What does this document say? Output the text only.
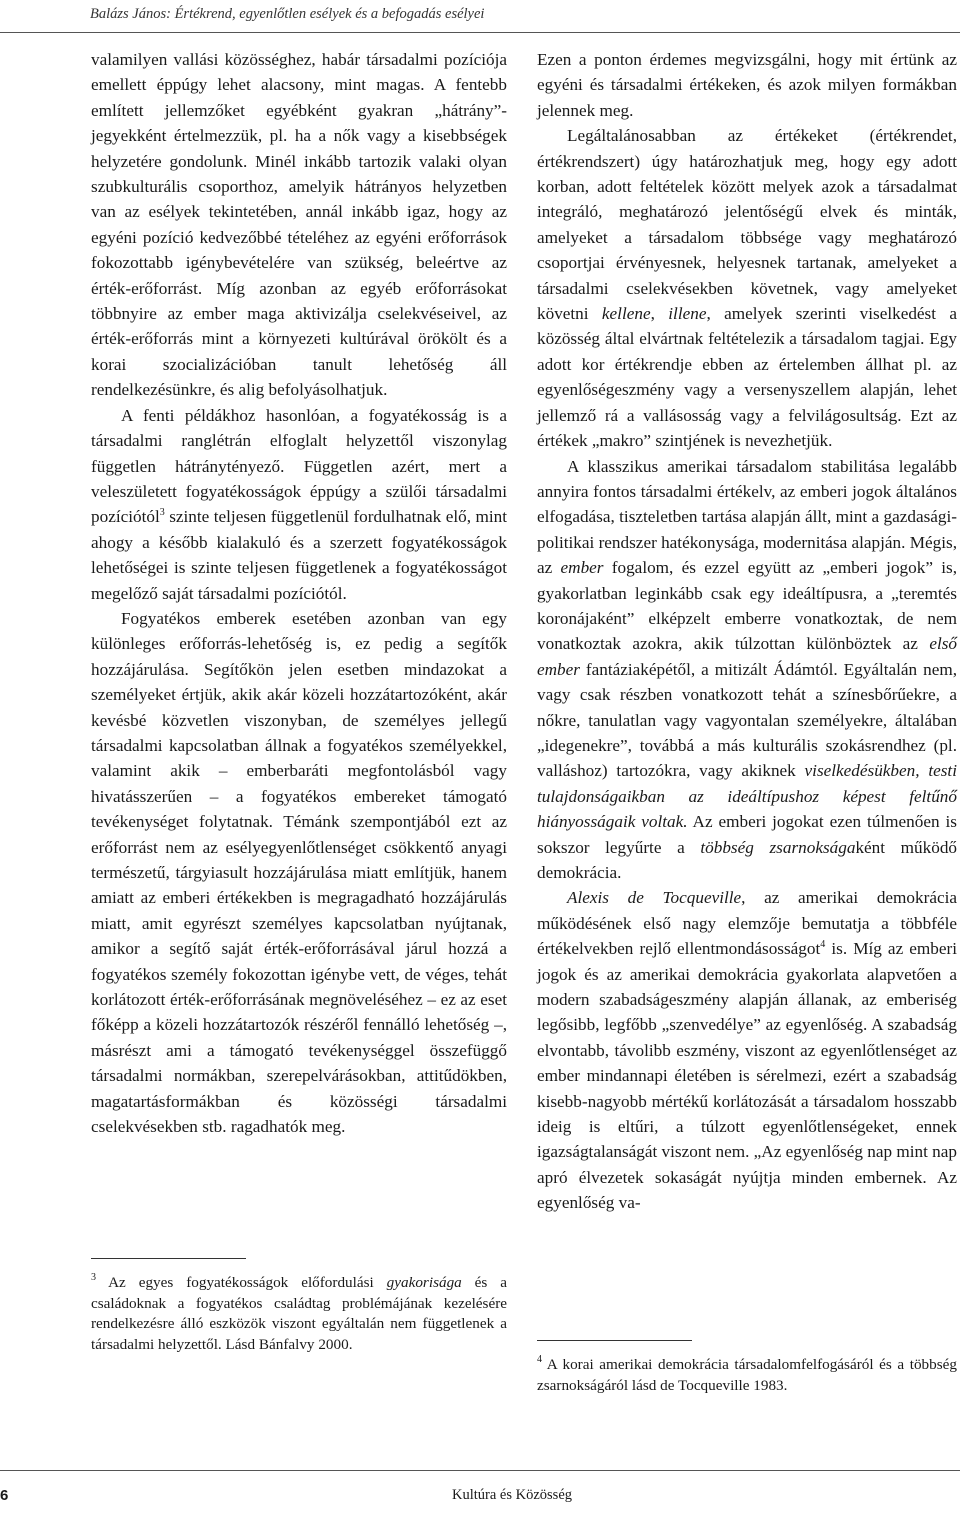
Balázs János: Értékrend, egyenlőtlen esélyek és a befogadás esélyei

valamilyen vallási közösséghez, habár társadalmi pozíciója emellett éppúgy lehet alacsony, mint magas. A fentebb említett jellemzőket egyébként gyakran „hátrány”-jegyekként értelmezzük, pl. ha a nők vagy a kisebbségek helyzetére gondolunk. Minél inkább tartozik valaki olyan szubkulturális csoporthoz, amelyik hátrányos helyzetben van az esélyek tekintetében, annál inkább igaz, hogy az egyéni pozíció kedvezőbbé tételéhez az egyéni erőforrások fokozottabb igénybevételére van szükség, beleértve az érték-erőforrást. Míg azonban az egyéb erőforrásokat többnyire az ember maga aktivizálja cselekvéseivel, az érték-erőforrás mint a környezeti kultúrával örökölt és a korai szocializációban tanult lehetőség áll rendelkezésünkre, és alig befolyásolhatjuk.

A fenti példákhoz hasonlóan, a fogyatékosság is a társadalmi ranglétrán elfoglalt helyzettől viszonylag független hátránytényező. Független azért, mert a veleszületett fogyatékosságok éppúgy a szülői társadalmi pozíciótól$^3$ szinte teljesen függetlenül fordulhatnak elő, mint ahogy a később kialakuló és a szerzett fogyatékosságok lehetőségei is szinte teljesen függetlenek a fogyatékosságot megelőző saját társadalmi pozíciótól.

Fogyatékos emberek esetében azonban van egy különleges erőforrás-lehetőség is, ez pedig a segítők hozzájárulása. Segítőkön jelen esetben mindazokat a személyeket értjük, akik akár közeli hozzátartozóként, akár kevésbé közvetlen viszonyban, de személyes jellegű társadalmi kapcsolatban állnak a fogyatékos személyekkel, valamint akik – emberbaráti megfontolásból vagy hivatásszerűen – a fogyatékos embereket támogató tevékenységet folytatnak. Témánk szempontjából ezt az erőforrást nem az esélyegyenlőtlenséget csökkentő anyagi természetű, tárgyiasult hozzájárulása miatt említjük, hanem amiatt az emberi értékekben is megragadható hozzájárulás miatt, amit egyrészt személyes kapcsolatban nyújtanak, amikor a segítő saját érték-erőforrásával járul hozzá a fogyatékos személy fokozottan igénybe vett, de véges, tehát korlátozott érték-erőforrásának megnöveléséhez – ez az eset főképp a közeli hozzátartozók részéről fennálló lehetőség –, másrészt ami a támogató tevékenységgel összefüggő társadalmi normákban, szerepelvárásokban, attitűdökben, magatartásformákban és közösségi társadalmi cselekvésekben stb. ragadhatók meg.

$^3$ Az egyes fogyatékosságok előfordulási gyakorisága és a családoknak a fogyatékos családtag problémájának kezelésére rendelkezésre álló eszközök viszont egyáltalán nem függetlenek a társadalmi helyzettől. Lásd Bánfalvy 2000.

Ezen a ponton érdemes megvizsgálni, hogy mit értünk az egyéni és társadalmi értékeken, és azok milyen formákban jelennek meg.

Legáltalánosabban az értékeket (értékrendet, értékrendszert) úgy határozhatjuk meg, hogy egy adott korban, adott feltételek között melyek azok a társadalmat integráló, meghatározó jelentőségű elvek és minták, amelyeket a társadalom többsége vagy meghatározó csoportjai érvényesnek, helyesnek tartanak, amelyeket a társadalmi cselekvésekben követnek, vagy amelyeket követni kellene, illene, amelyek szerinti viselkedést a közösség által elvártnak feltételezik a társadalom tagjai. Egy adott kor értékrendje ebben az értelemben állhat pl. az egyenlőségeszmény vagy a versenyszellem alapján, lehet jellemző rá a vallásosság vagy a felvilágosultság. Ezt az értékek „makro” szintjének is nevezhetjük.

A klasszikus amerikai társadalom stabilitása legalább annyira fontos társadalmi értékelv, az emberi jogok általános elfogadása, tiszteletben tartása alapján állt, mint a gazdasági-politikai rendszer hatékonysága, modernitása alapján. Mégis, az ember fogalom, és ezzel együtt az „emberi jogok” is, gyakorlatban leginkább csak egy ideáltípusra, a „teremtés koronájaként” elképzelt emberre vonatkoztak, de nem vonatkoztak azokra, akik túlzottan különböztek az első ember fantáziaképétől, a mitizált Ádámtól. Egyáltalán nem, vagy csak részben vonatkozott tehát a színesbőrűekre, a nőkre, tanulatlan vagy vagyontalan személyekre, általában „idegenekre”, továbbá a más kulturális szokásrendhez (pl. valláshoz) tartozókra, vagy akiknek viselkedésükben, testi tulajdonságaikban az ideáltípushoz képest feltűnő hiányosságaik voltak. Az emberi jogokat ezen túlmenően is sokszor legyűrte a többség zsarnokságaként működő demokrácia.

Alexis de Tocqueville, az amerikai demokrácia működésének első nagy elemzője bemutatja a többféle értékelvekben rejlő ellentmondásosságot$^4$ is. Míg az emberi jogok és az amerikai demokrácia gyakorlata alapvetően a modern szabadságeszmény alapján állanak, az emberiség legősibb, legfőbb „szenvedélye” az egyenlőség. A szabadság elvontabb, távolibb eszmény, viszont az egyenlőtlenséget az ember mindannapi életében is sérelmezi, ezért a szabadság kisebb-nagyobb mértékű korlátozását a társadalom hosszabb ideig is eltűri, a túlzott egyenlőtlenségeket, ennek igazságtalanságát viszont nem. „Az egyenlőség nap mint nap apró élvezetek sokaságát nyújtja minden embernek. Az egyenlőség va-

$^4$ A korai amerikai demokrácia társadalomfelfogásáról és a többség zsarnokságáról lásd de Tocqueville 1983.

6	Kultúra és Közösség
